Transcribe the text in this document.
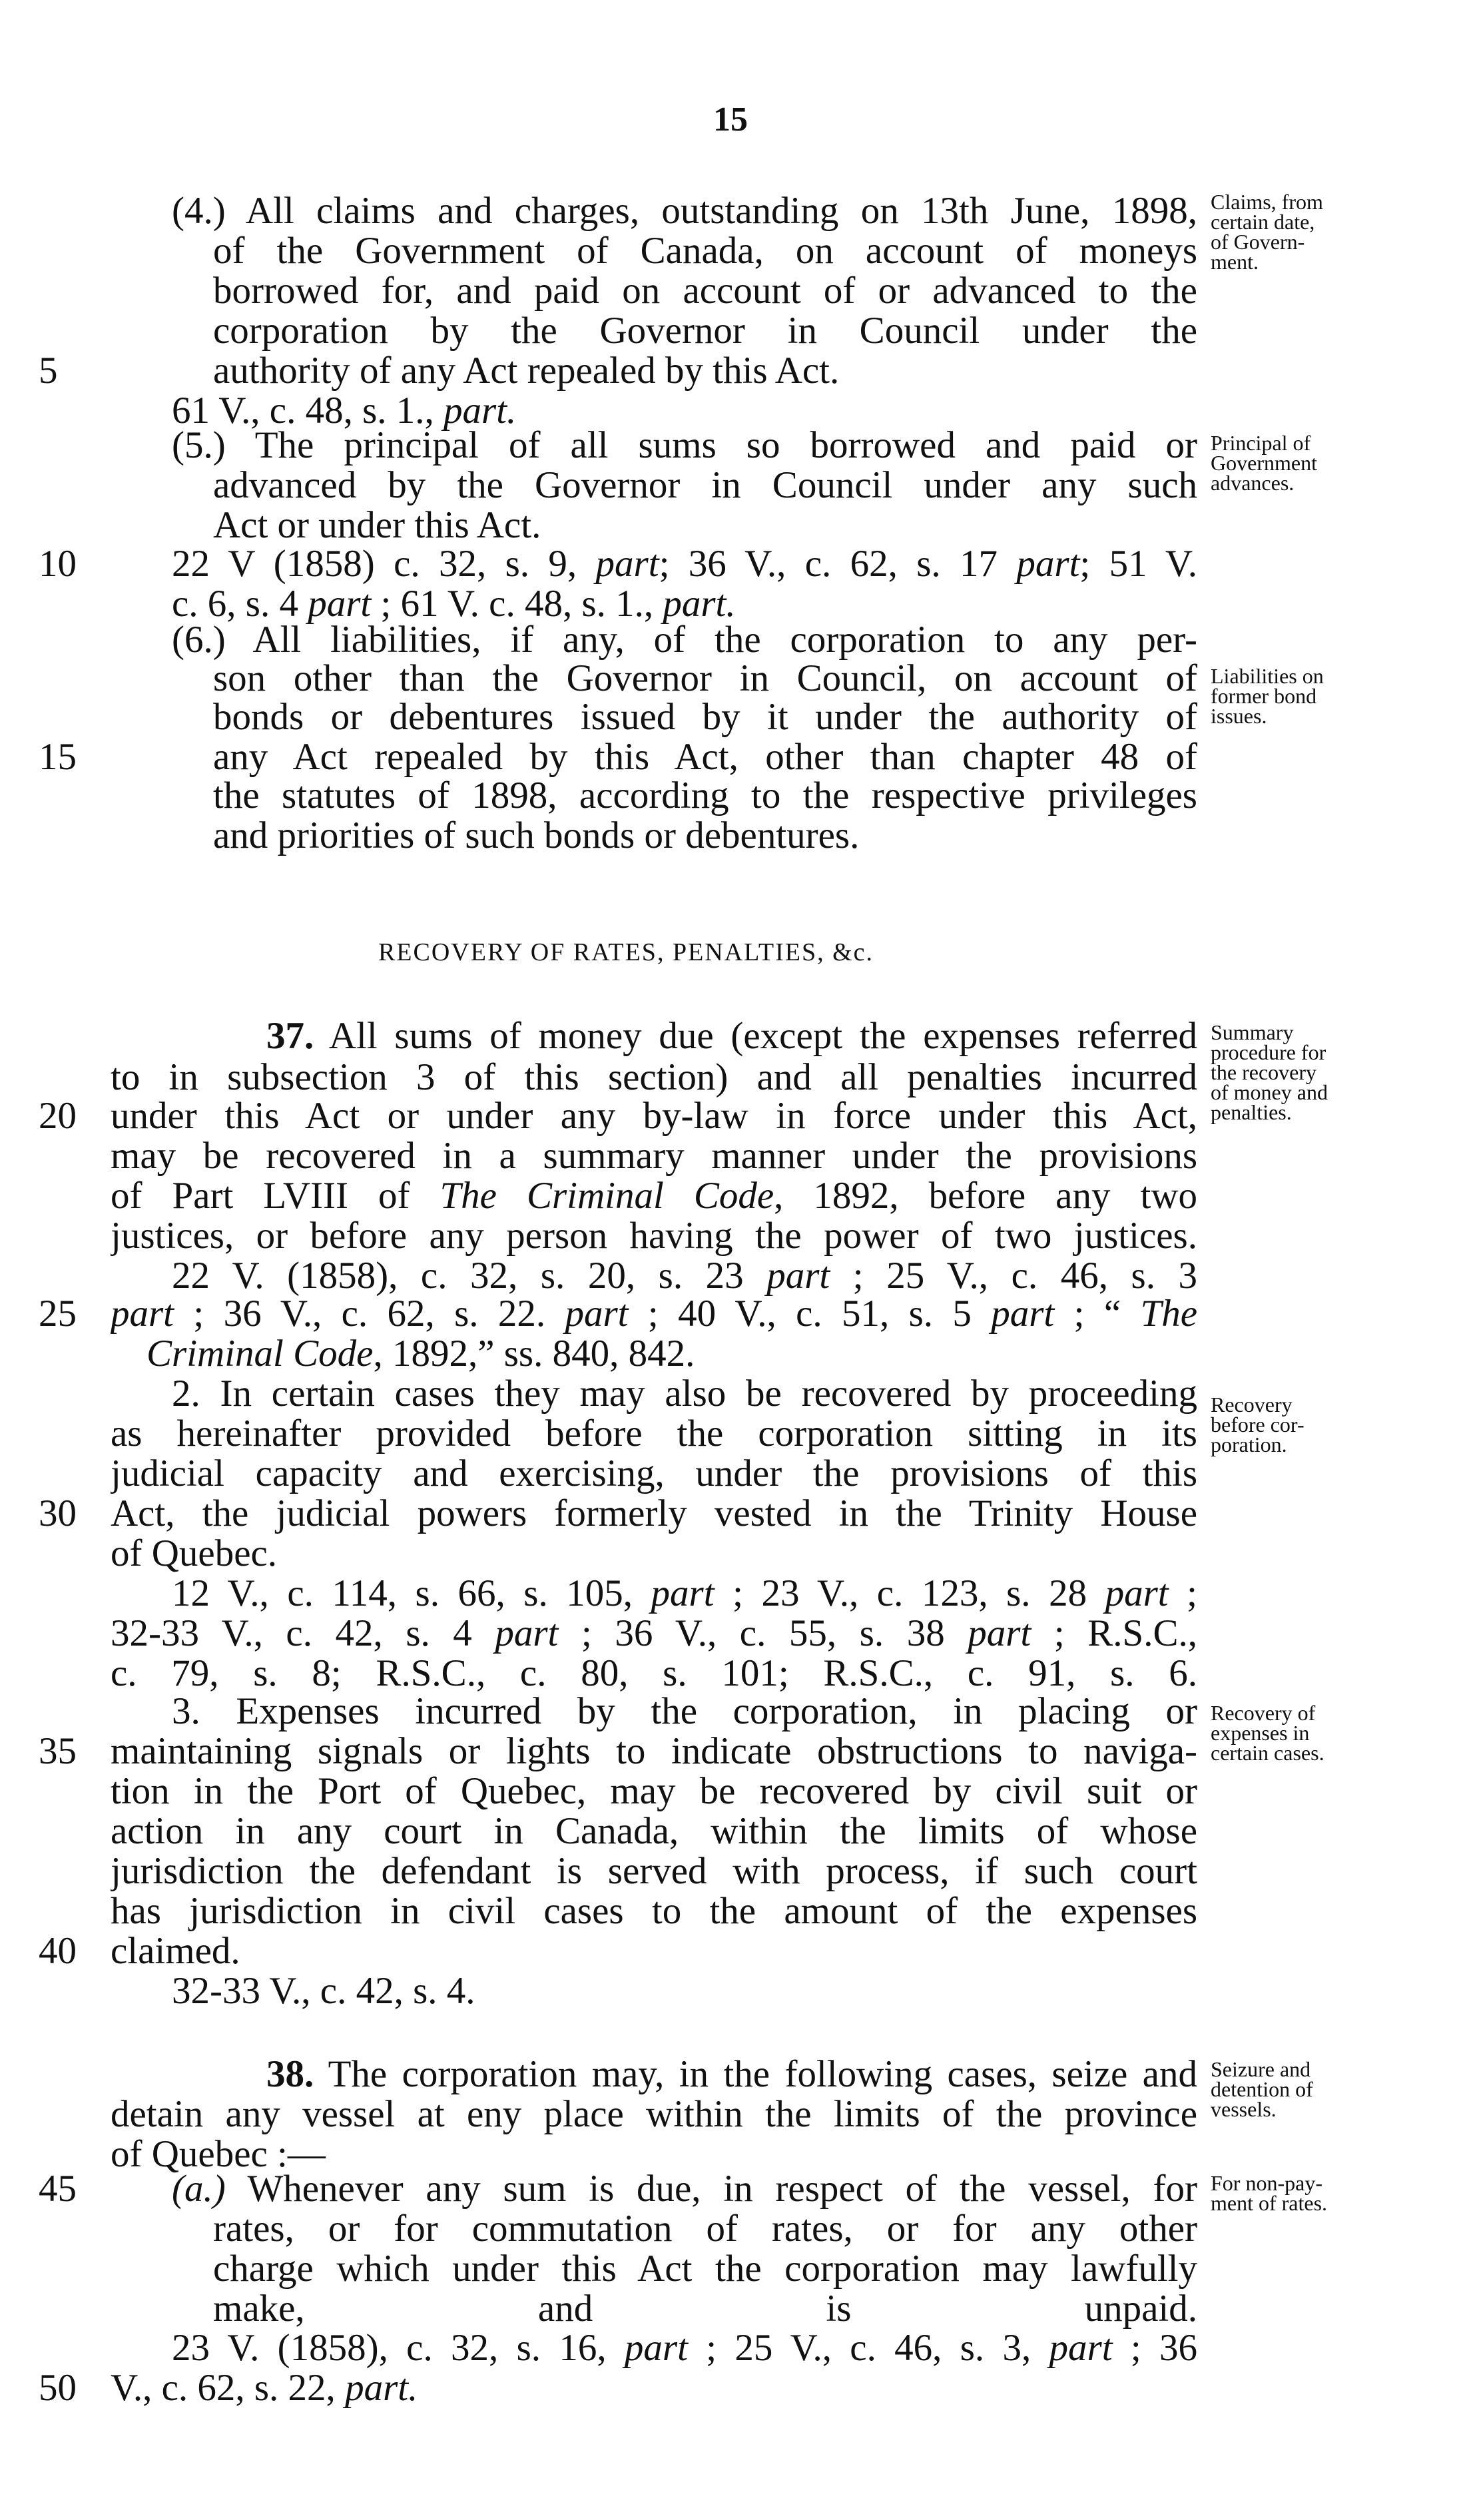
15
(4.) All claims and charges, outstanding on 13th June, 1898,
of the Government of Canada, on account of moneys
borrowed for, and paid on account of or advanced to the
corporation by the Governor in Council under the
authority of any Act repealed by this Act.
61 V., c. 48, s. 1., part.
(5.) The principal of all sums so borrowed and paid or
advanced by the Governor in Council under any such
Act or under this Act.
22 V (1858) c. 32, s. 9, part; 36 V., c. 62, s. 17 part; 51 V.
c. 6, s. 4 part ; 61 V. c. 48, s. 1., part.
(6.) All liabilities, if any, of the corporation to any per-
son other than the Governor in Council, on account of
bonds or debentures issued by it under the authority of
any Act repealed by this Act, other than chapter 48 of
the statutes of 1898, according to the respective privileges
and priorities of such bonds or debentures.
37. All sums of money due (except the expenses referred
to in subsection 3 of this section) and all penalties incurred
under this Act or under any by-law in force under this Act,
may be recovered in a summary manner under the provisions
of Part LVIII of The Criminal Code, 1892, before any two
justices, or before any person having the power of two justices.
22 V. (1858), c. 32, s. 20, s. 23 part ; 25 V., c. 46, s. 3
part ; 36 V., c. 62, s. 22. part ; 40 V., c. 51, s. 5 part ; “ The
Criminal Code, 1892,” ss. 840, 842.
2. In certain cases they may also be recovered by proceeding
as hereinafter provided before the corporation sitting in its
judicial capacity and exercising, under the provisions of this
Act, the judicial powers formerly vested in the Trinity House
of Quebec.
12 V., c. 114, s. 66, s. 105, part ; 23 V., c. 123, s. 28 part ;
32-33 V., c. 42, s. 4 part ; 36 V., c. 55, s. 38 part ; R.S.C.,
c. 79, s. 8; R.S.C., c. 80, s. 101; R.S.C., c. 91, s. 6.
3. Expenses incurred by the corporation, in placing or
maintaining signals or lights to indicate obstructions to naviga-
tion in the Port of Quebec, may be recovered by civil suit or
action in any court in Canada, within the limits of whose
jurisdiction the defendant is served with process, if such court
has jurisdiction in civil cases to the amount of the expenses
claimed.
32-33 V., c. 42, s. 4.
38. The corporation may, in the following cases, seize and
detain any vessel at eny place within the limits of the province
of Quebec :—
(a.) Whenever any sum is due, in respect of the vessel, for
rates, or for commutation of rates, or for any other
charge which under this Act the corporation may lawfully
make, and is unpaid.
23 V. (1858), c. 32, s. 16, part ; 25 V., c. 46, s. 3, part ; 36
V., c. 62, s. 22, part.
5
10
15
20
25
30
35
40
45
50
Claims, from
certain date,
of Govern-
ment.
Principal of
Government
advances.
Liabilities on
former bond
issues.
Summary
procedure for
the recovery
of money and
penalties.
Recovery
before cor-
poration.
Recovery of
expenses in
certain cases.
Seizure and
detention of
vessels.
For non-pay-
ment of rates.
RECOVERY OF RATES, PENALTIES, &c.
